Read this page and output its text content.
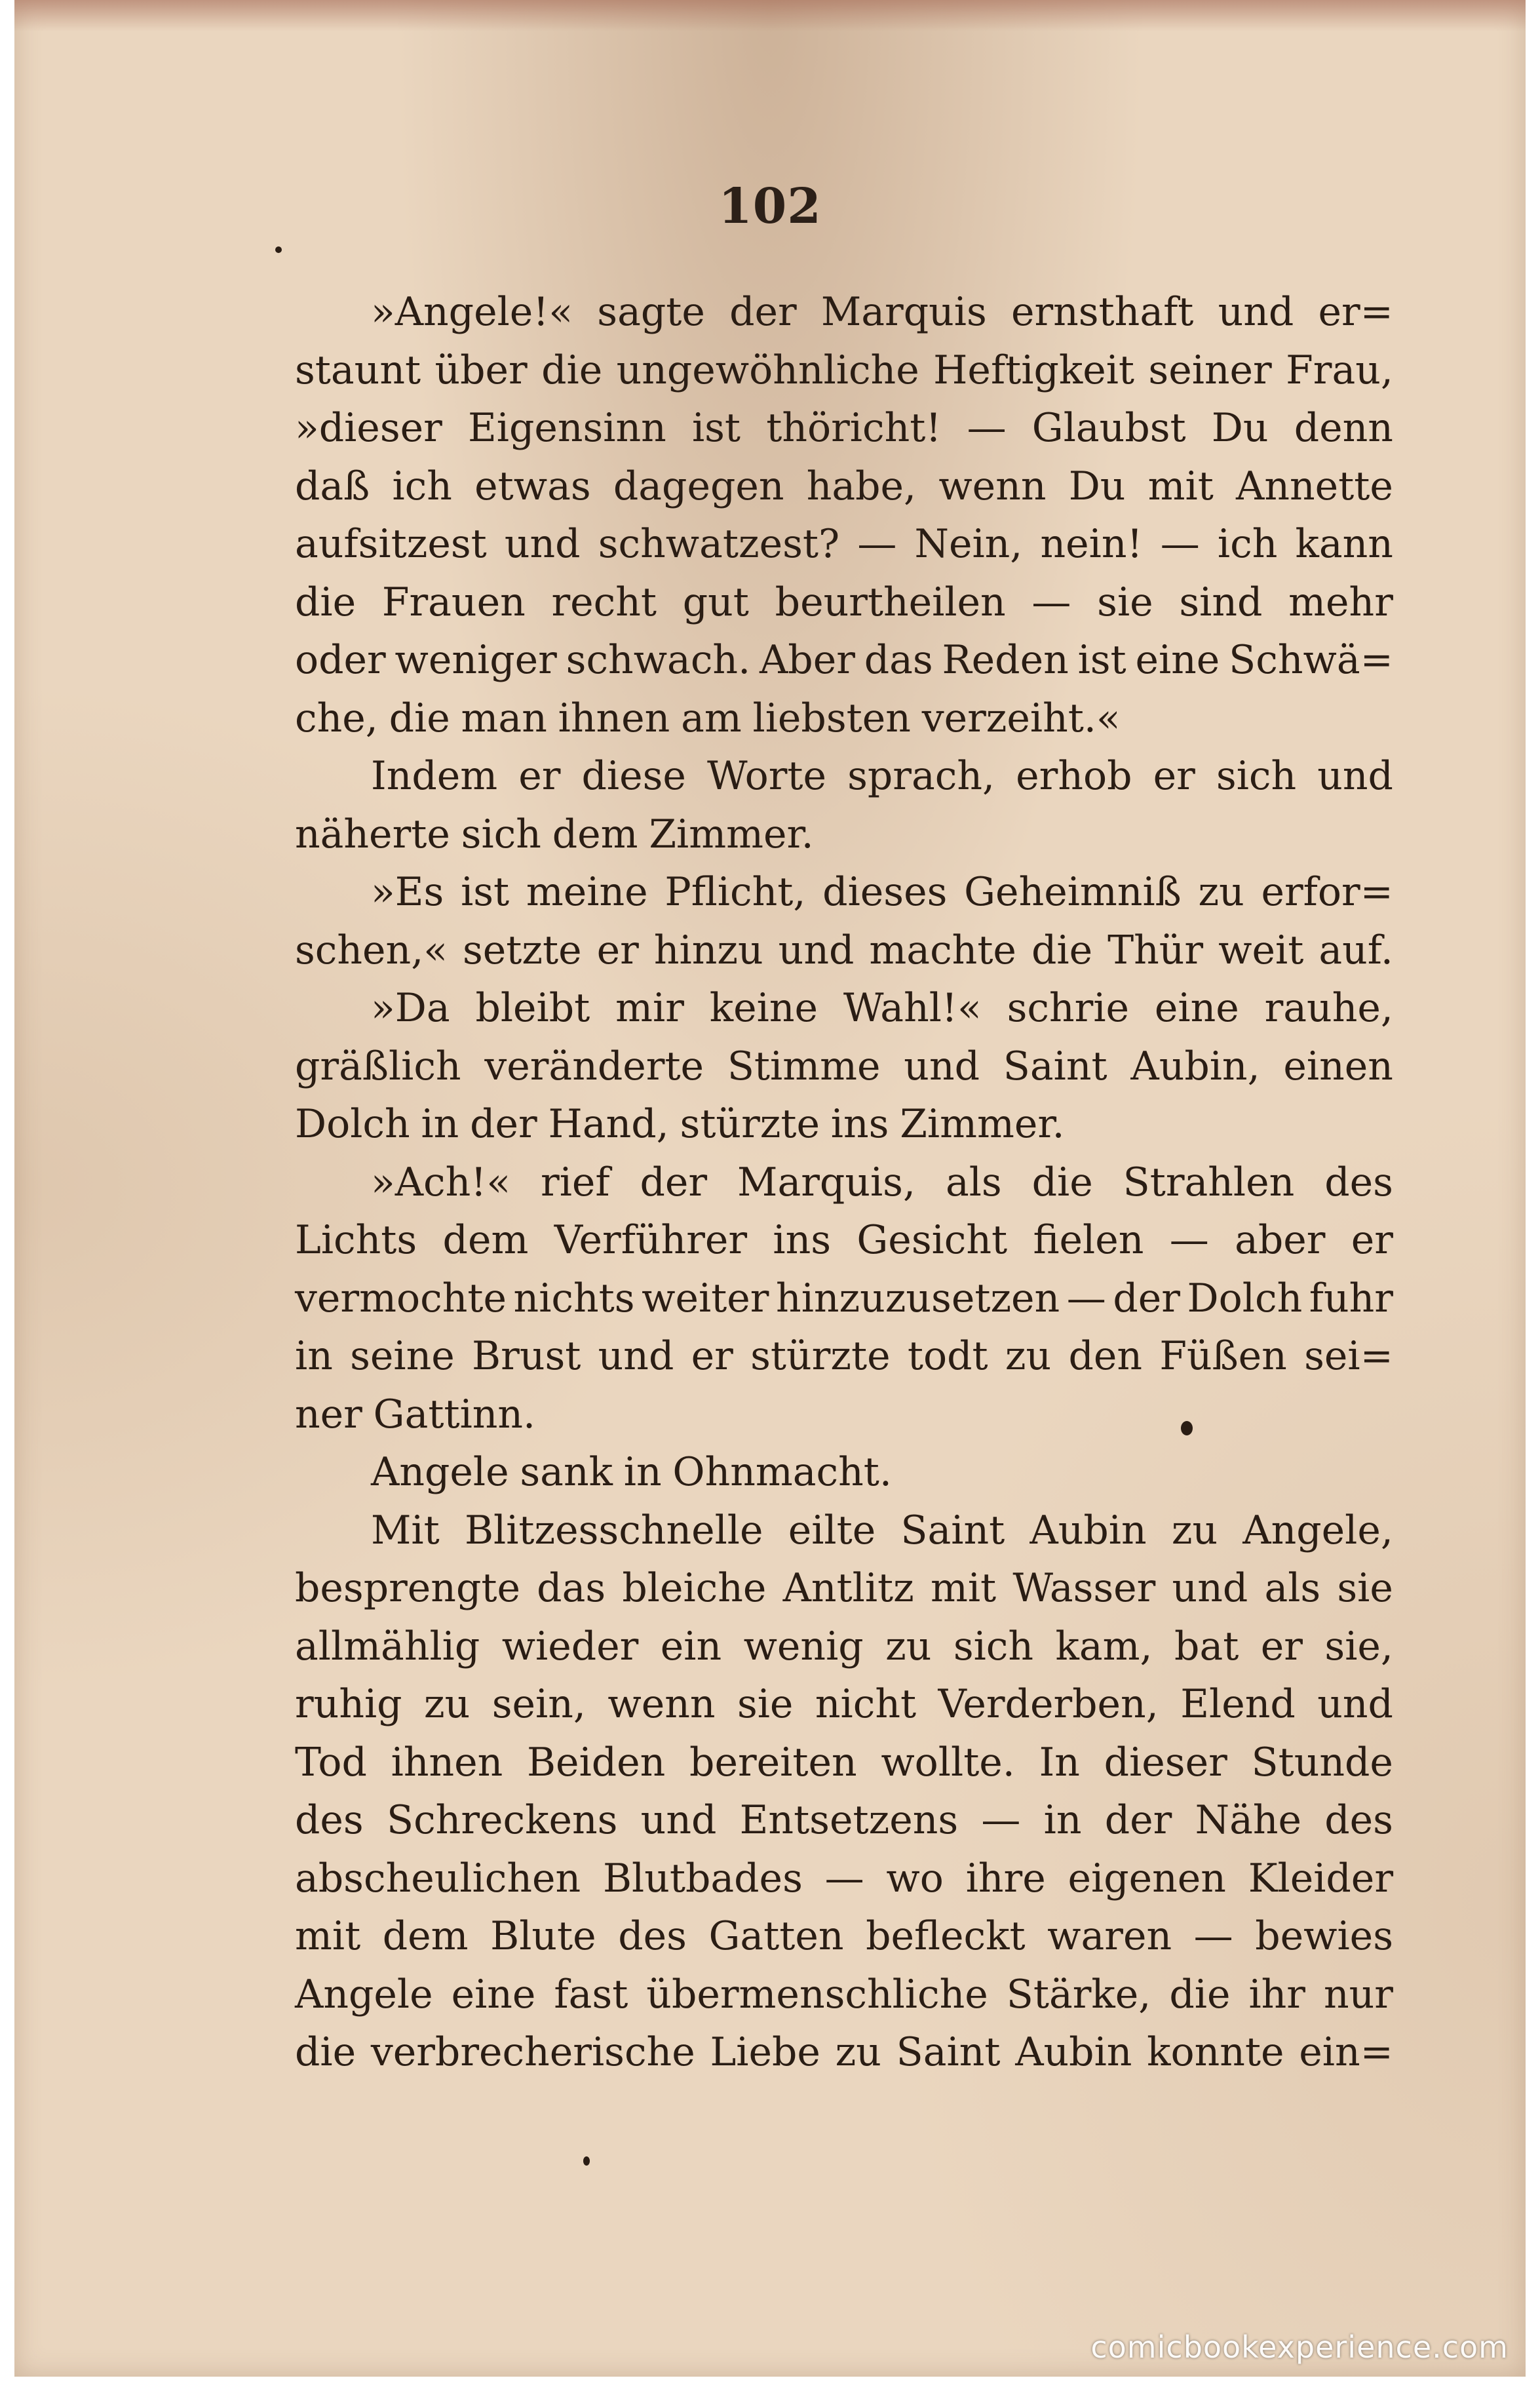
102
»Angele!« sagte der Marquis ernsthaft und er=
staunt über die ungewöhnliche Heftigkeit seiner Frau,
»dieser Eigensinn ist thöricht! — Glaubst Du denn
daß ich etwas dagegen habe, wenn Du mit Annette
aufsitzest und schwatzest? — Nein, nein! — ich kann
die Frauen recht gut beurtheilen — sie sind mehr
oder weniger schwach. Aber das Reden ist eine Schwä=
che, die man ihnen am liebsten verzeiht.«
Indem er diese Worte sprach, erhob er sich und
näherte sich dem Zimmer.
»Es ist meine Pflicht, dieses Geheimniß zu erfor=
schen,« setzte er hinzu und machte die Thür weit auf.
»Da bleibt mir keine Wahl!« schrie eine rauhe,
gräßlich veränderte Stimme und Saint Aubin, einen
Dolch in der Hand, stürzte ins Zimmer.
»Ach!« rief der Marquis, als die Strahlen des
Lichts dem Verführer ins Gesicht fielen — aber er
vermochte nichts weiter hinzuzusetzen — der Dolch fuhr
in seine Brust und er stürzte todt zu den Füßen sei=
ner Gattinn.
Angele sank in Ohnmacht.
Mit Blitzesschnelle eilte Saint Aubin zu Angele,
besprengte das bleiche Antlitz mit Wasser und als sie
allmählig wieder ein wenig zu sich kam, bat er sie,
ruhig zu sein, wenn sie nicht Verderben, Elend und
Tod ihnen Beiden bereiten wollte. In dieser Stunde
des Schreckens und Entsetzens — in der Nähe des
abscheulichen Blutbades — wo ihre eigenen Kleider
mit dem Blute des Gatten befleckt waren — bewies
Angele eine fast übermenschliche Stärke, die ihr nur
die verbrecherische Liebe zu Saint Aubin konnte ein=
comicbookexperience.com
